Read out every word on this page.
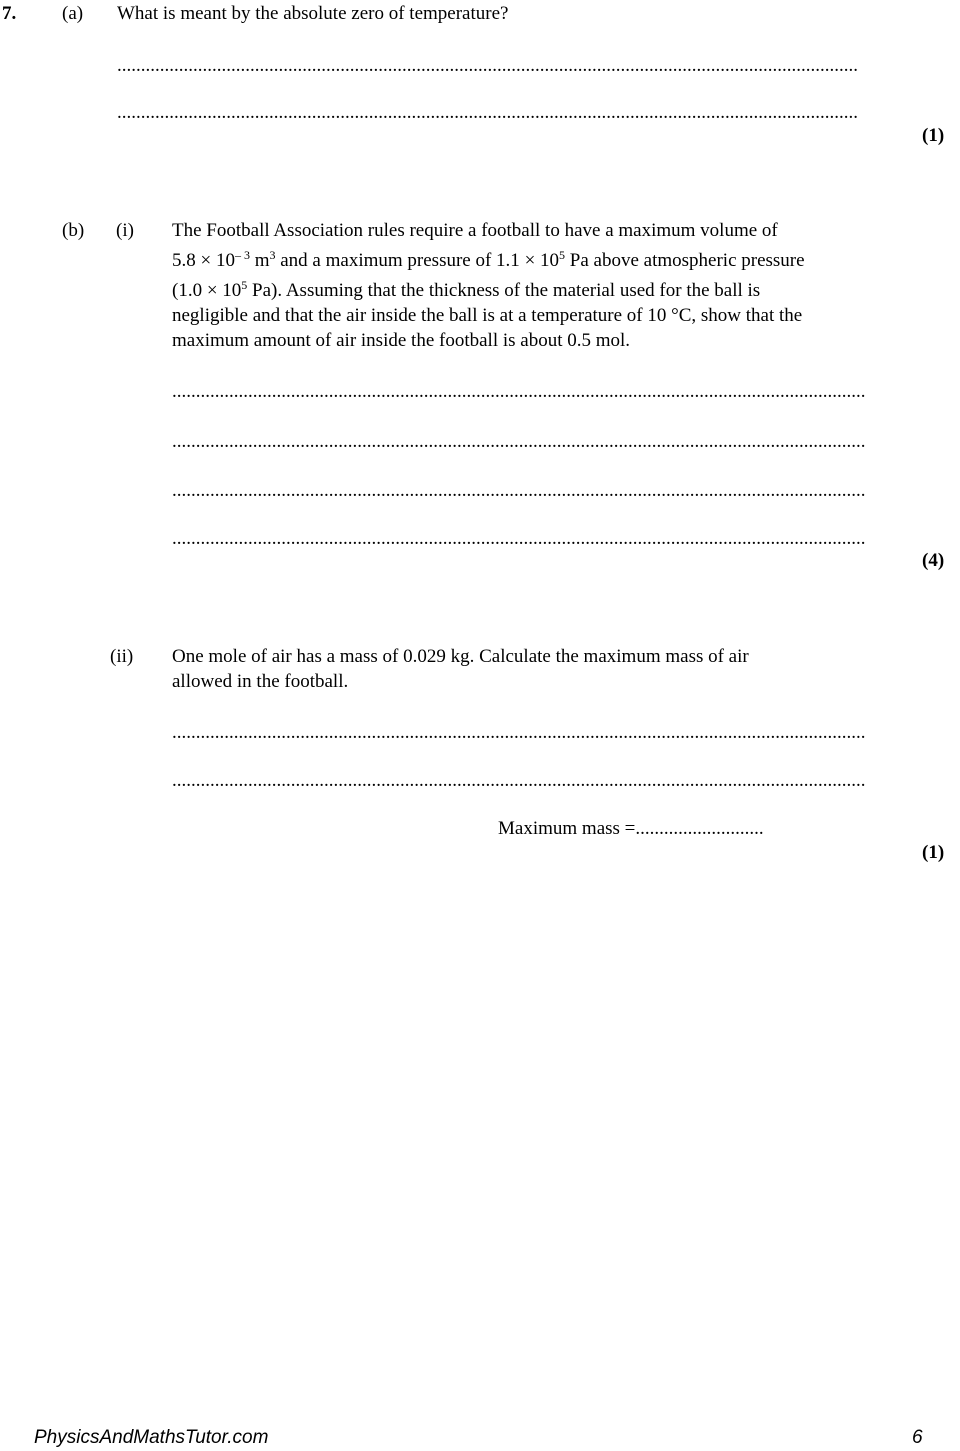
7. (a) What is meant by the absolute zero of temperature?
............................................................................................................................................................
............................................................................................................................................................
(1)
(b) (i) The Football Association rules require a football to have a maximum volume of
$5.8 \times 10^{- 3}$ $m^3$ and a maximum pressure of $1.1 \times 10^5$ Pa above atmospheric pressure
($1.0 \times 10^5$ Pa). Assuming that the thickness of the material used for the ball is
negligible and that the air inside the ball is at a temperature of 10 °C, show that the
maximum amount of air inside the football is about 0.5 mol.
..................................................................................................................................................
..................................................................................................................................................
..................................................................................................................................................
..................................................................................................................................................
(4)
(ii) One mole of air has a mass of 0.029 kg. Calculate the maximum mass of air
allowed in the football.
..................................................................................................................................................
..................................................................................................................................................
Maximum mass =...........................
(1)
PhysicsAndMathsTutor.com	6
